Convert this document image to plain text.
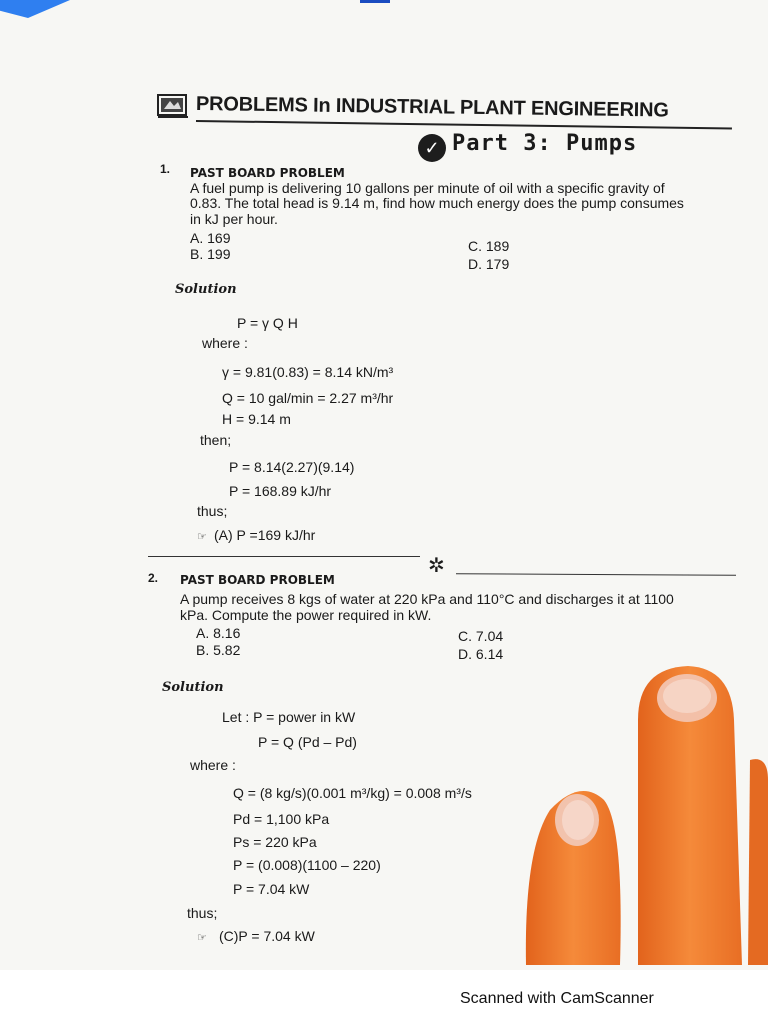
PROBLEMS In INDUSTRIAL PLANT ENGINEERING
✓ Part 3: Pumps
1. PAST BOARD PROBLEM
A fuel pump is delivering 10 gallons per minute of oil with a specific gravity of
0.83. The total head is 9.14 m, find how much energy does the pump consumes
in kJ per hour.
A. 169
B. 199	C. 189
D. 179
Solution
P = γ Q H
where :
γ = 9.81(0.83) = 8.14 kN/m³
Q = 10 gal/min = 2.27 m³/hr
H = 9.14 m
then;
P = 8.14(2.27)(9.14)
P = 168.89 kJ/hr
thus;
☞ (A) P =169 kJ/hr
✲
2. PAST BOARD PROBLEM
A pump receives 8 kgs of water at 220 kPa and 110°C and discharges it at 1100
kPa. Compute the power required in kW.
A. 8.16
B. 5.82
C. 7.04
D. 6.14
Solution
Let : P = power in kW
P = Q (Pd – Pd)
where :
Q = (8 kg/s)(0.001 m³/kg) = 0.008 m³/s
Pd = 1,100 kPa
Ps = 220 kPa
P = (0.008)(1100 – 220)
P = 7.04 kW
thus;
☞ (C)P = 7.04 kW
Scanned with CamScanner
